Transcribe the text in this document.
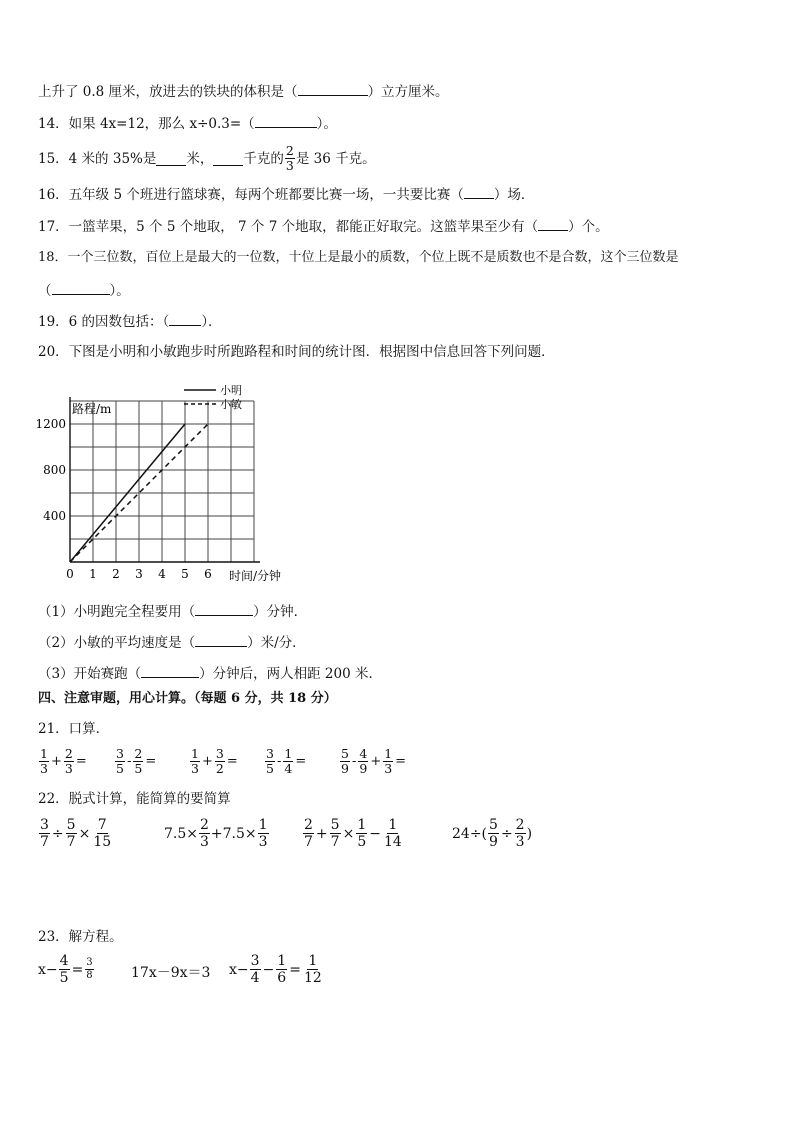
上升了 0.8 厘米，放进去的铁块的体积是（	）立方厘米。
14．如果 4x=12，那么 x÷0.3=（	）。
15．4 米的 35%是 米， 千克的 $\frac{2}{3}$ 是 36 千克。
16．五年级 5 个班进行篮球赛，每两个班都要比赛一场，一共要比赛（ ）场．
17．一篮苹果，5 个 5 个地取， 7 个 7 个地取，都能正好取完。这篮苹果至少有（ ）个。
18．一个三位数，百位上是最大的一位数，十位上是最小的质数，个位上既不是质数也不是合数，这个三位数是
（	）。
19．6 的因数包括：（ ）．
20．下图是小明和小敏跑步时所跑路程和时间的统计图．根据图中信息回答下列问题．
0 1 2 3 4 5 6
400
800
1200
路程/m
时间/分钟
小明
小敏
（1）小明跑完全程要用（	）分钟．
（2）小敏的平均速度是（	）米/分．
（3）开始赛跑（	）分钟后，两人相距 200 米．
四、注意审题，用心计算。（每题 6 分，共 18 分）
21．口算．
$\frac{1}{3} + \frac{2}{3} = \frac{3}{5} - \frac{2}{5}$ =	$\frac{1}{3} + \frac{3}{2} = \frac{3}{5} - \frac{1}{4}$ =	$\frac{5}{9} - \frac{4}{9} + \frac{1}{3}$ =
22．脱式计算，能简算的要简算
$\frac{3}{7} \div \frac{5}{7} \times \frac{7}{15}$	$7.5\times \frac{2}{3} +7.5\times \frac{1}{3} \frac{2}{7} + \frac{5}{7} \times \frac{1}{5} - \frac{1}{14}$	$24\div( \frac{5}{9} \div \frac{2}{3}$ )
23．解方程。
$x- \frac{4}{5} = \frac{3}{8}$	17x－9x＝3 $x- \frac{3}{4} - \frac{1}{6} = \frac{1}{12}$
